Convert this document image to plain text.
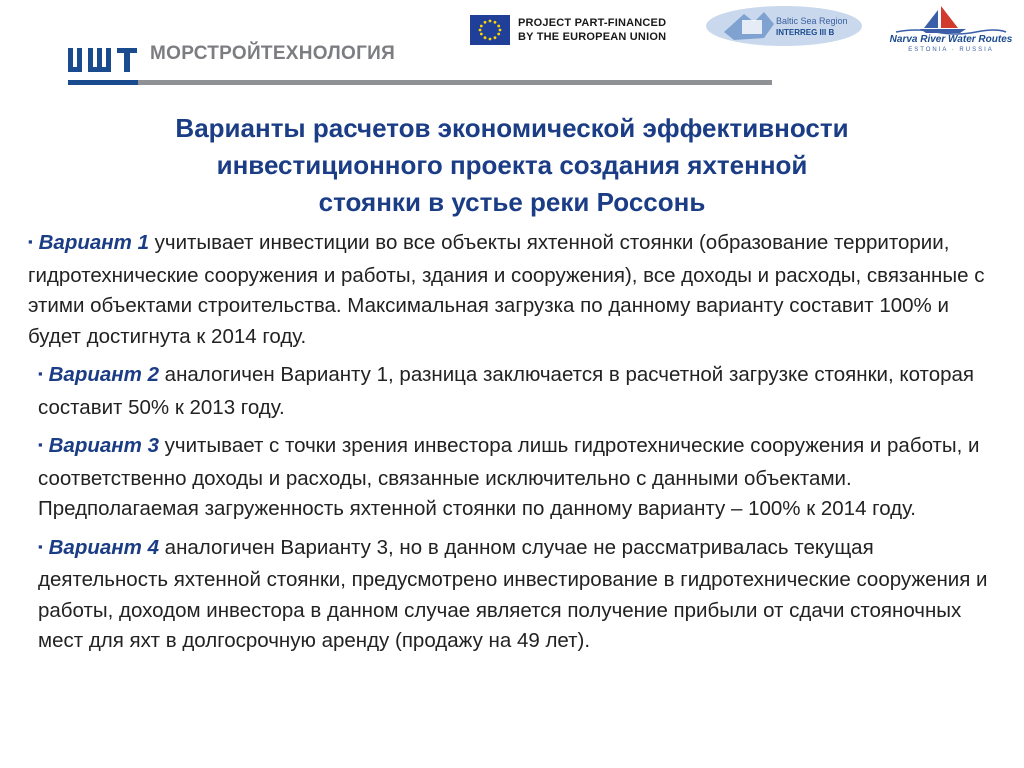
МОРСТРОЙТЕХНОЛОГИЯ
PROJECT PART-FINANCED
BY THE EUROPEAN UNION
Baltic Sea Region
INTERREG III B
Narva River Water Routes
ESTONIA · RUSSIA
Варианты расчетов экономической эффективности
инвестиционного проекта создания яхтенной
стоянки в устье реки Россонь

▪ Вариант 1 учитывает инвестиции во все объекты яхтенной стоянки (образование территории, гидротехнические сооружения и работы, здания и сооружения), все доходы и расходы, связанные с этими объектами строительства. Максимальная загрузка по данному варианту составит 100% и будет достигнута к 2014 году.

▪ Вариант 2 аналогичен Варианту 1, разница заключается в расчетной загрузке стоянки, которая составит 50% к 2013 году.

▪ Вариант 3 учитывает с точки зрения инвестора лишь гидротехнические сооружения и работы, и соответственно доходы и расходы, связанные исключительно с данными объектами. Предполагаемая загруженность яхтенной стоянки по данному варианту – 100% к 2014 году.

▪ Вариант 4 аналогичен Варианту 3, но в данном случае не рассматривалась текущая деятельность яхтенной стоянки, предусмотрено инвестирование в гидротехнические сооружения и работы, доходом инвестора в данном случае является получение прибыли от сдачи стояночных мест для яхт в долгосрочную аренду (продажу на 49 лет).
